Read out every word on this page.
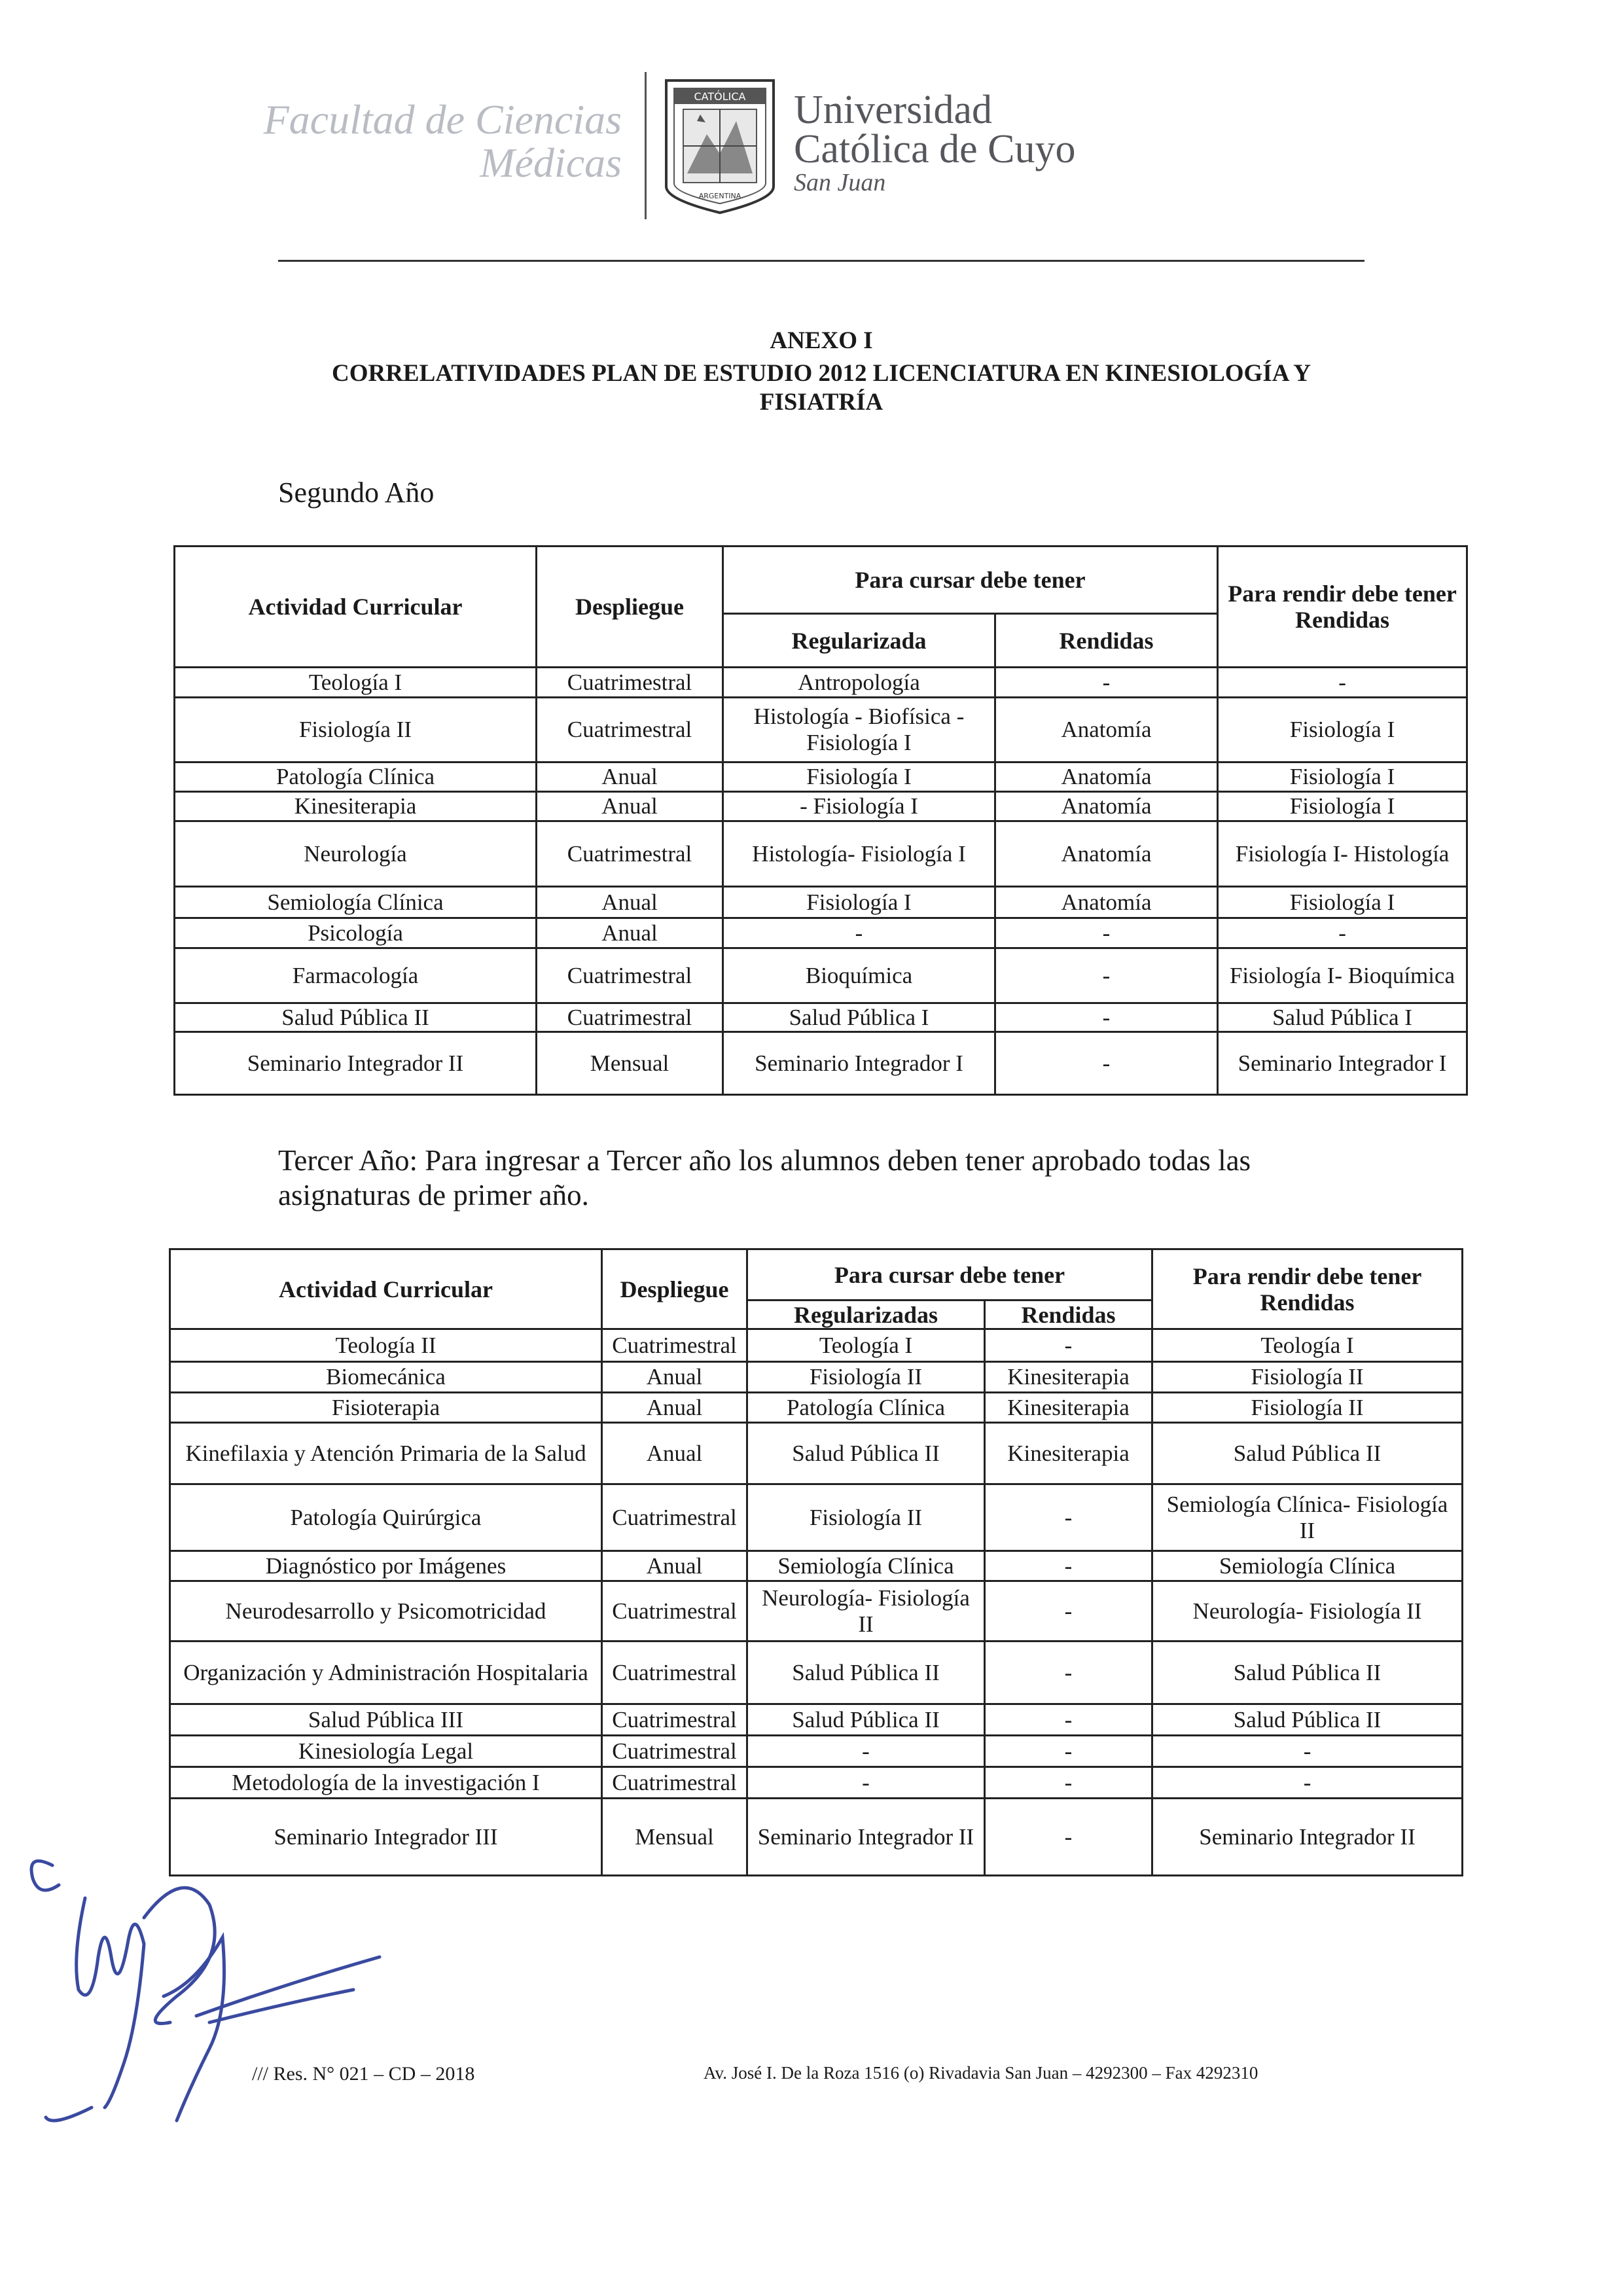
Facultad de Ciencias
Médicas
CATÓLICA
ARGENTINA
Universidad
Católica de Cuyo
San Juan
ANEXO I
CORRELATIVIDADES PLAN DE ESTUDIO 2012 LICENCIATURA EN KINESIOLOGÍA Y
FISIATRÍA
Segundo Año
Actividad Curricular	Despliegue	Para cursar debe tener		Para rendir debe tener Rendidas
		Regularizada	Rendidas	
Teología I	Cuatrimestral	Antropología	-	-
Fisiología II	Cuatrimestral	Histología - Biofísica - Fisiología I	Anatomía	Fisiología I
Patología Clínica	Anual	Fisiología I	Anatomía	Fisiología I
Kinesiterapia	Anual	- Fisiología I	Anatomía	Fisiología I
Neurología	Cuatrimestral	Histología- Fisiología I	Anatomía	Fisiología I- Histología
Semiología Clínica	Anual	Fisiología I	Anatomía	Fisiología I
Psicología	Anual	-	-	-
Farmacología	Cuatrimestral	Bioquímica	-	Fisiología I- Bioquímica
Salud Pública II	Cuatrimestral	Salud Pública I	-	Salud Pública I
Seminario Integrador II	Mensual	Seminario Integrador I	-	Seminario Integrador I
Tercer Año: Para ingresar a Tercer año los alumnos deben tener aprobado todas las
asignaturas de primer año.
Actividad Curricular	Despliegue	Para cursar debe tener		Para rendir debe tener Rendidas
		Regularizadas	Rendidas	
Teología II	Cuatrimestral	Teología I	-	Teología I
Biomecánica	Anual	Fisiología II	Kinesiterapia	Fisiología II
Fisioterapia	Anual	Patología Clínica	Kinesiterapia	Fisiología II
Kinefilaxia y Atención Primaria de la Salud	Anual	Salud Pública II	Kinesiterapia	Salud Pública II
Patología Quirúrgica	Cuatrimestral	Fisiología II	-	Semiología Clínica- Fisiología II
Diagnóstico por Imágenes	Anual	Semiología Clínica	-	Semiología Clínica
Neurodesarrollo y Psicomotricidad	Cuatrimestral	Neurología- Fisiología II	-	Neurología- Fisiología II
Organización y Administración Hospitalaria	Cuatrimestral	Salud Pública II	-	Salud Pública II
Salud Pública III	Cuatrimestral	Salud Pública II	-	Salud Pública II
Kinesiología Legal	Cuatrimestral	-	-	-
Metodología de la investigación I	Cuatrimestral	-	-	-
Seminario Integrador III	Mensual	Seminario Integrador II	-	Seminario Integrador II
/// Res. N° 021 – CD – 2018	Av. José I. De la Roza 1516 (o) Rivadavia San Juan – 4292300 – Fax 4292310
